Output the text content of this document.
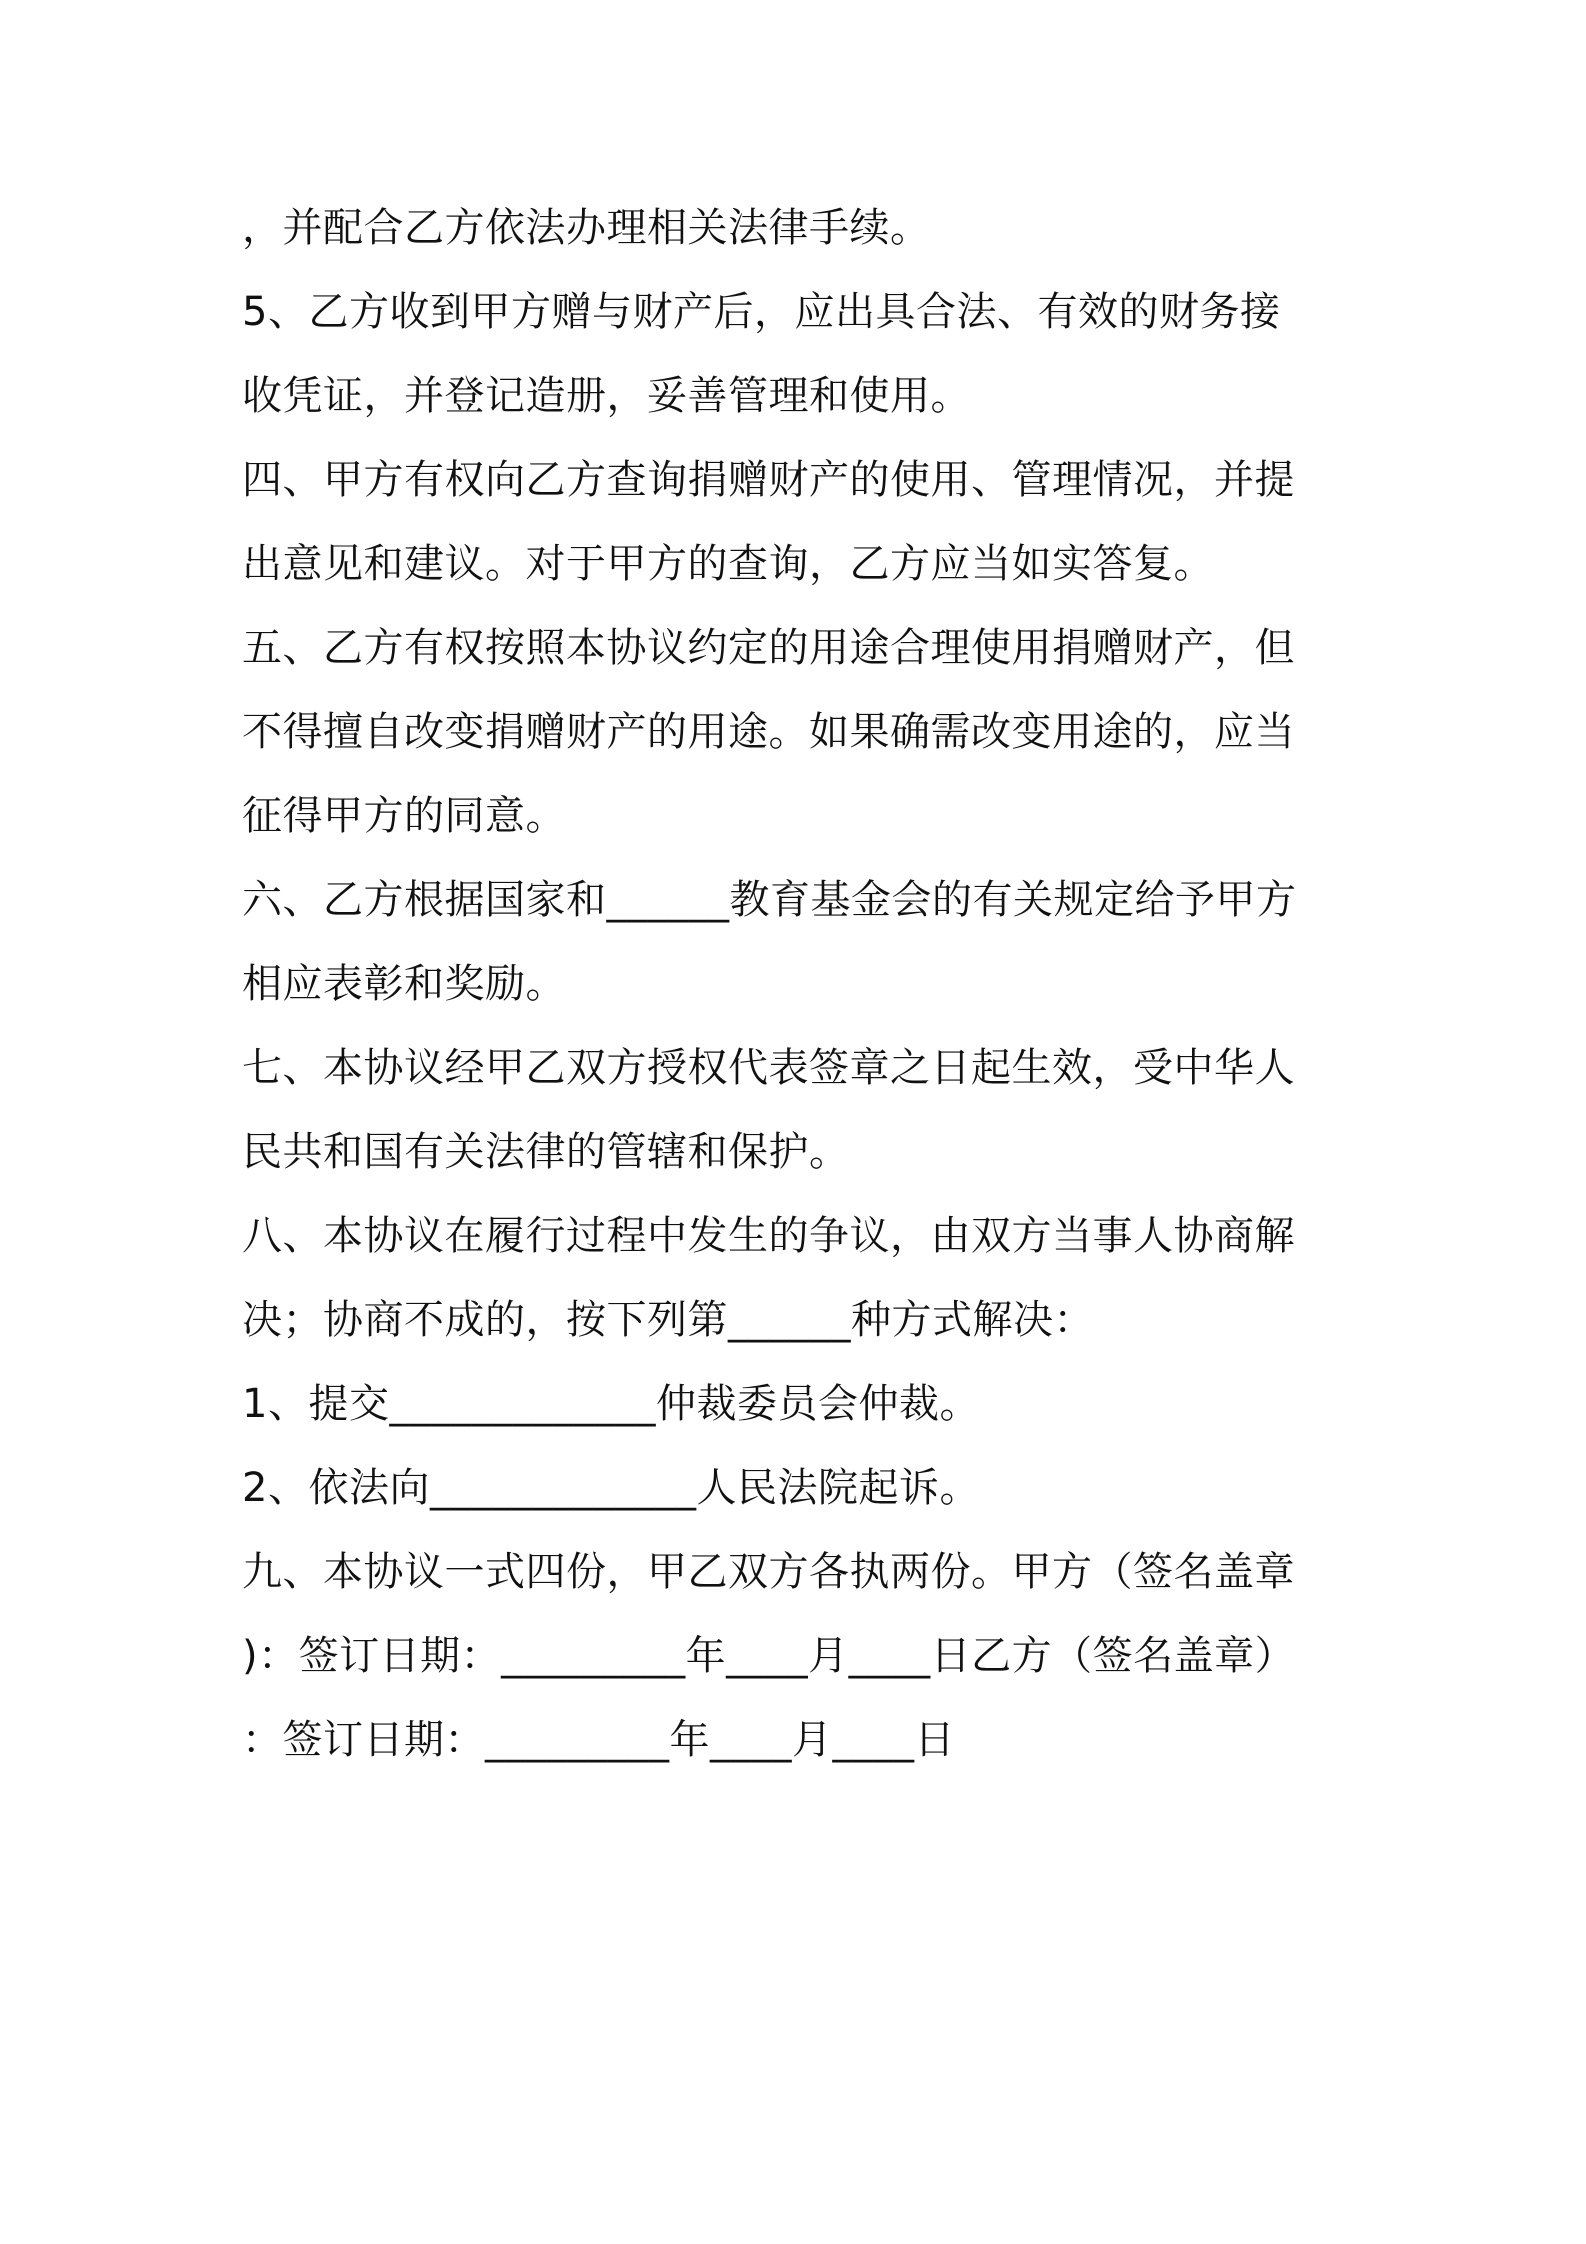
，并配合乙方依法办理相关法律手续。
5、乙方收到甲方赠与财产后，应出具合法、有效的财务接
收凭证，并登记造册，妥善管理和使用。
四、甲方有权向乙方查询捐赠财产的使用、管理情况，并提
出意见和建议。对于甲方的查询，乙方应当如实答复。
五、乙方有权按照本协议约定的用途合理使用捐赠财产，但
不得擅自改变捐赠财产的用途。如果确需改变用途的，应当
征得甲方的同意。
六、乙方根据国家和______教育基金会的有关规定给予甲方
相应表彰和奖励。
七、本协议经甲乙双方授权代表签章之日起生效，受中华人
民共和国有关法律的管辖和保护。
八、本协议在履行过程中发生的争议，由双方当事人协商解
决；协商不成的，按下列第______种方式解决：
1、提交_____________仲裁委员会仲裁。
2、依法向_____________人民法院起诉。
九、本协议一式四份，甲乙双方各执两份。甲方（签名盖章
)：签订日期：_________年____月____日乙方（签名盖章）
：签订日期：_________年____月____日
